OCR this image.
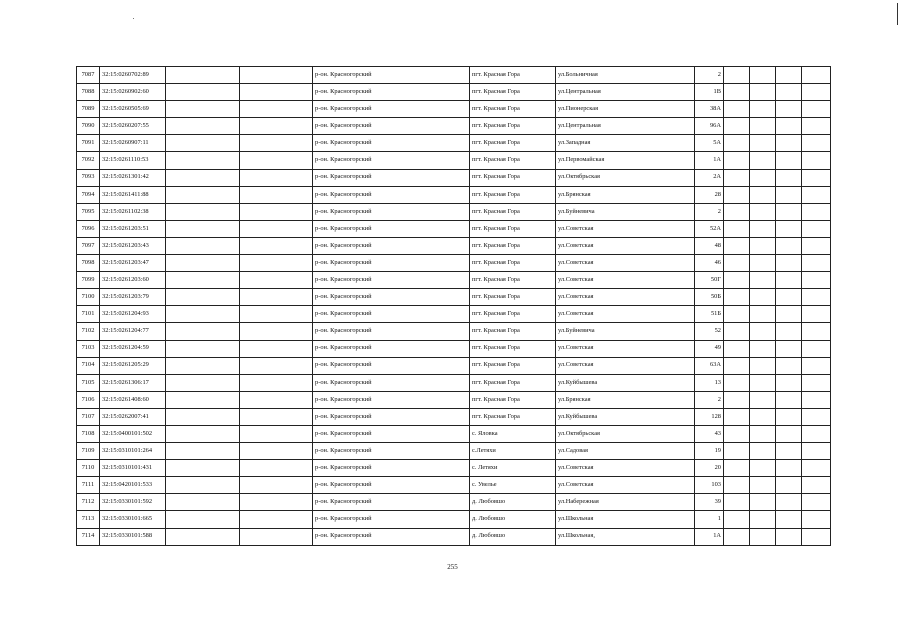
7087	32:15:0260702:89			р-он. Красногорский	пгт. Красная Гора	ул.Больничная	2				
7088	32:15:0260902:60			р-он. Красногорский	пгт. Красная Гора	ул.Центральная	1В				
7089	32:15:0260505:69			р-он. Красногорский	пгт. Красная Гора	ул.Пионерская	38А				
7090	32:15:0260207:55			р-он. Красногорский	пгт. Красная Гора	ул.Центральная	96А				
7091	32:15:0260907:11			р-он. Красногорский	пгт. Красная Гора	ул.Западная	5А				
7092	32:15:0261110:53			р-он. Красногорский	пгт. Красная Гора	ул.Первомайская	1А				
7093	32:15:0261301:42			р-он. Красногорский	пгт. Красная Гора	ул.Октябрьская	2А				
7094	32:15:0261411:88			р-он. Красногорский	пгт. Красная Гора	ул.Брянская	28				
7095	32:15:0261102:38			р-он. Красногорский	пгт. Красная Гора	ул.Буйневича	2				
7096	32:15:0261203:51			р-он. Красногорский	пгт. Красная Гора	ул.Советская	52А				
7097	32:15:0261203:43			р-он. Красногорский	пгт. Красная Гора	ул.Советская	48				
7098	32:15:0261203:47			р-он. Красногорский	пгт. Красная Гора	ул.Советская	46				
7099	32:15:0261203:60			р-он. Красногорский	пгт. Красная Гора	ул.Советская	50Г				
7100	32:15:0261203:79			р-он. Красногорский	пгт. Красная Гора	ул.Советская	50Б				
7101	32:15:0261204:93			р-он. Красногорский	пгт. Красная Гора	ул.Советская	51Б				
7102	32:15:0261204:77			р-он. Красногорский	пгт. Красная Гора	ул.Буйневича	52				
7103	32:15:0261204:59			р-он. Красногорский	пгт. Красная Гора	ул.Советская	49				
7104	32:15:0261205:29			р-он. Красногорский	пгт. Красная Гора	ул.Советская	63А				
7105	32:15:0261306:17			р-он. Красногорский	пгт. Красная Гора	ул.Куйбышева	13				
7106	32:15:0261408:60			р-он. Красногорский	пгт. Красная Гора	ул.Брянская	2				
7107	32:15:0262007:41			р-он. Красногорский	пгт. Красная Гора	ул.Куйбышева	128				
7108	32:15:0400101:502			р-он. Красногорский	с. Яловка	ул.Октябрьская	43				
7109	32:15:0310101:264			р-он. Красногорский	с.Летяхи	ул.Садовая	19				
7110	32:15:0310101:431			р-он. Красногорский	с. Летяхи	ул.Советская	20				
7111	32:15:0420101:533			р-он. Красногорский	с. Увелье	ул.Советская	103				
7112	32:15:0330101:592			р-он. Красногорский	д. Любовшо	ул.Набережная	39				
7113	32:15:0330101:665			р-он. Красногорский	д. Любовшо	ул.Школьная	1				
7114	32:15:0330101:588			р-он. Красногорский	д. Любовшо	ул.Школьная,	1А				
255
